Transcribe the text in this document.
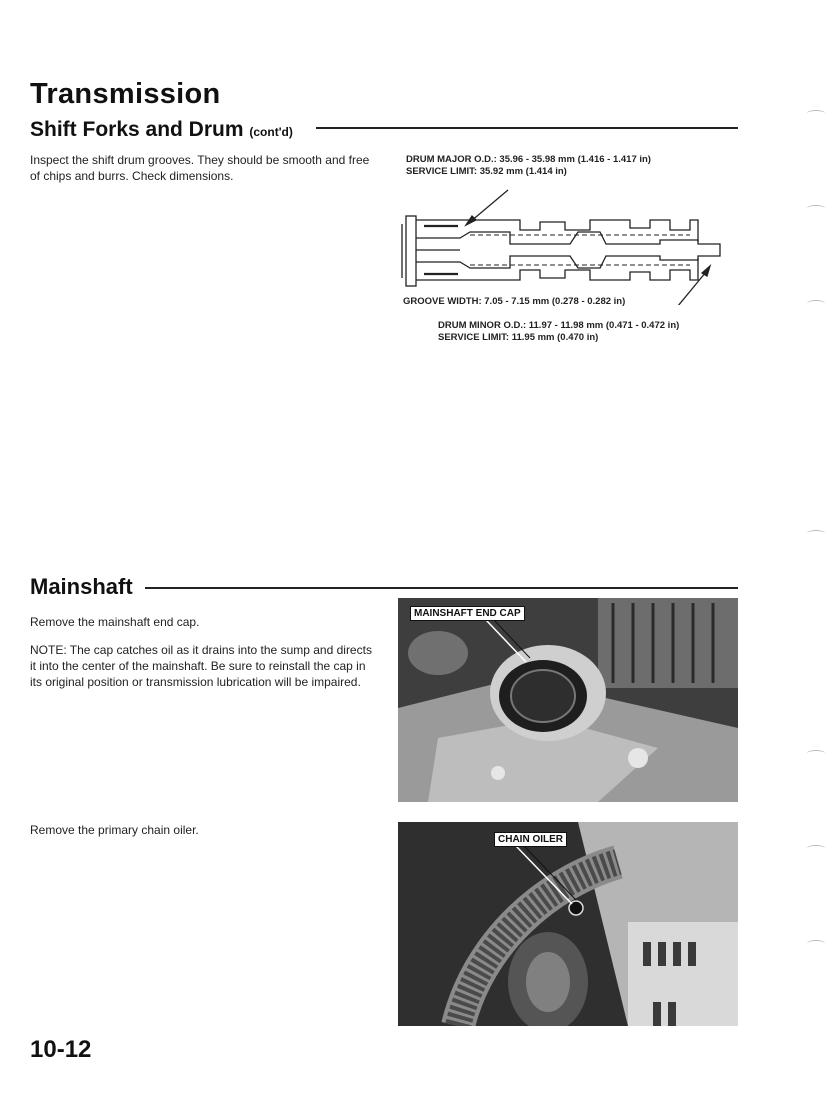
Transmission
Shift Forks and Drum (cont'd)
Inspect the shift drum grooves. They should be smooth and free of chips and burrs. Check dimensions.
DRUM MAJOR O.D.: 35.96 - 35.98 mm (1.416 - 1.417 in)
SERVICE LIMIT: 35.92 mm (1.414 in)
GROOVE WIDTH: 7.05 - 7.15 mm (0.278 - 0.282 in)
DRUM MINOR O.D.: 11.97 - 11.98 mm (0.471 - 0.472 in)
SERVICE LIMIT: 11.95 mm (0.470 in)
Mainshaft
Remove the mainshaft end cap.
NOTE: The cap catches oil as it drains into the sump and directs it into the center of the mainshaft. Be sure to reinstall the cap in its original position or transmission lubrication will be impaired.
Remove the primary chain oiler.
MAINSHAFT END CAP
CHAIN OILER
10-12
